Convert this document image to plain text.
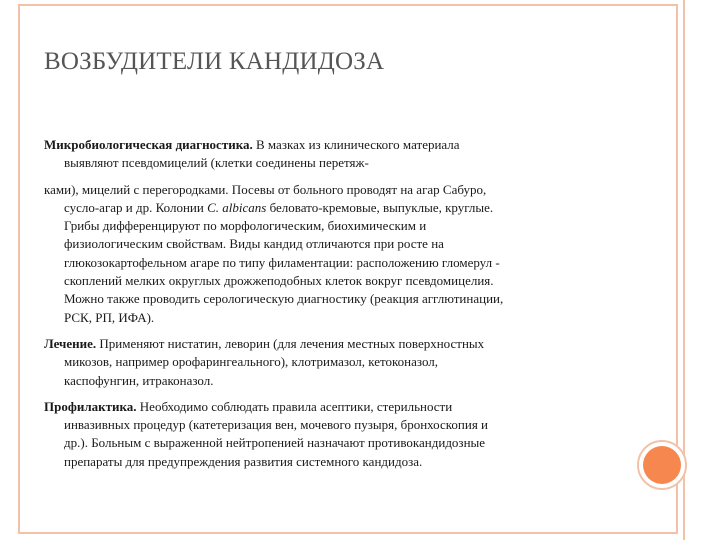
ВОЗБУДИТЕЛИ КАНДИДОЗА
Микробиологическая диагностика. В мазках из клинического материала
выявляют псевдомицелий (клетки соединены перетяж-
ками), мицелий с перегородками. Посевы от больного проводят на агар Сабуро,
сусло-агар и др. Колонии C. albicans беловато-кремовые, выпуклые, круглые.
Грибы дифференцируют по морфологическим, биохимическим и
физиологическим свойствам. Виды кандид отличаются при росте на
глюкозокартофельном агаре по типу филаментации: расположению гломерул -
скоплений мелких округлых дрожжеподобных клеток вокруг псевдомицелия.
Можно также проводить серологическую диагностику (реакция агглютинации,
РСК, РП, ИФА).
Лечение. Применяют нистатин, леворин (для лечения местных поверхностных
микозов, например орофарингеального), клотримазол, кетоконазол,
каспофунгин, итраконазол.
Профилактика. Необходимо соблюдать правила асептики, стерильности
инвазивных процедур (катетеризация вен, мочевого пузыря, бронхоскопия и
др.). Больным с выраженной нейтропенией назначают противокандидозные
препараты для предупреждения развития системного кандидоза.
